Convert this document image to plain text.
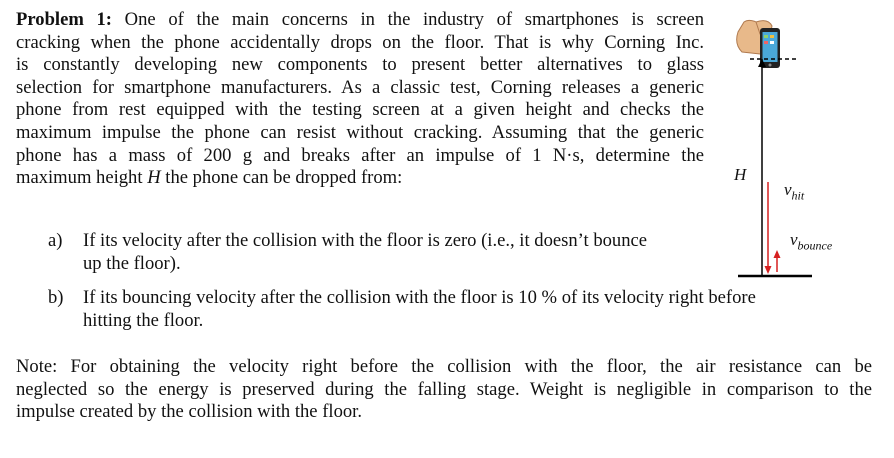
Problem 1: One of the main concerns in the industry of smartphones is screen
cracking when the phone accidentally drops on the floor. That is why Corning Inc.
is constantly developing new components to present better alternatives to glass
selection for smartphone manufacturers. As a classic test, Corning releases a generic
phone from rest equipped with the testing screen at a given height and checks the
maximum impulse the phone can resist without cracking. Assuming that the generic
phone has a mass of 200 g and breaks after an impulse of 1 N·s, determine the
maximum height H the phone can be dropped from:
a)	If its velocity after the collision with the floor is zero (i.e., it doesn’t bounce
up the floor).
b)	If its bouncing velocity after the collision with the floor is 10 % of its velocity right before
hitting the floor.
Note: For obtaining the velocity right before the collision with the floor, the air resistance can be
neglected so the energy is preserved during the falling stage. Weight is negligible in comparison to the
impulse created by the collision with the floor.
H
$v_{hit}$
$v_{bounce}$
